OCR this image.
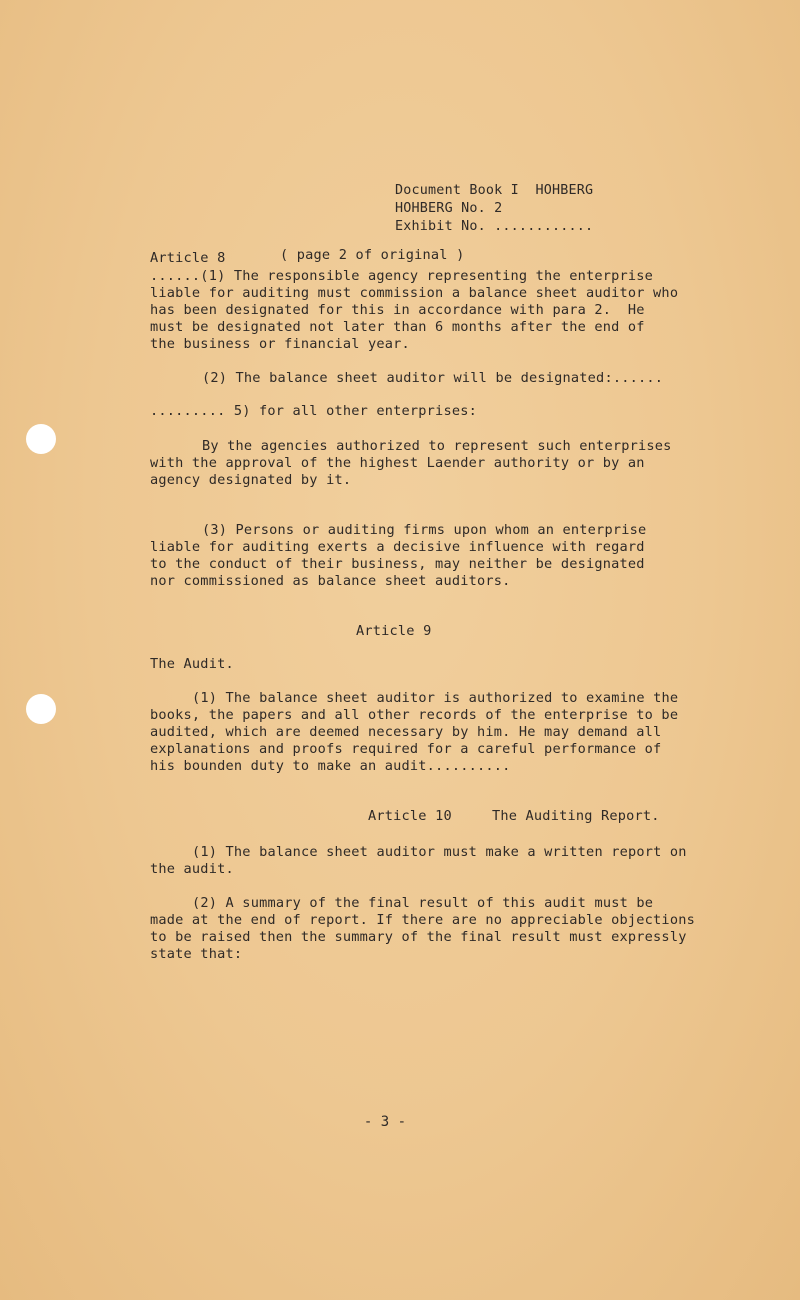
Document Book I  HOHBERG
HOHBERG No. 2
Exhibit No. ............
Article 8	( page 2 of original )
......(1) The responsible agency representing the enterprise
liable for auditing must commission a balance sheet auditor who
has been designated for this in accordance with para 2.  He
must be designated not later than 6 months after the end of
the business or financial year.
(2) The balance sheet auditor will be designated:......
......... 5) for all other enterprises:
By the agencies authorized to represent such enterprises
with the approval of the highest Laender authority or by an
agency designated by it.
(3) Persons or auditing firms upon whom an enterprise
liable for auditing exerts a decisive influence with regard
to the conduct of their business, may neither be designated
nor commissioned as balance sheet auditors.
Article 9
The Audit.
(1) The balance sheet auditor is authorized to examine the
books, the papers and all other records of the enterprise to be
audited, which are deemed necessary by him. He may demand all
explanations and proofs required for a careful performance of
his bounden duty to make an audit..........
Article 10	The Auditing Report.
(1) The balance sheet auditor must make a written report on
the audit.
(2) A summary of the final result of this audit must be
made at the end of report. If there are no appreciable objections
to be raised then the summary of the final result must expressly
state that:
- 3 -
